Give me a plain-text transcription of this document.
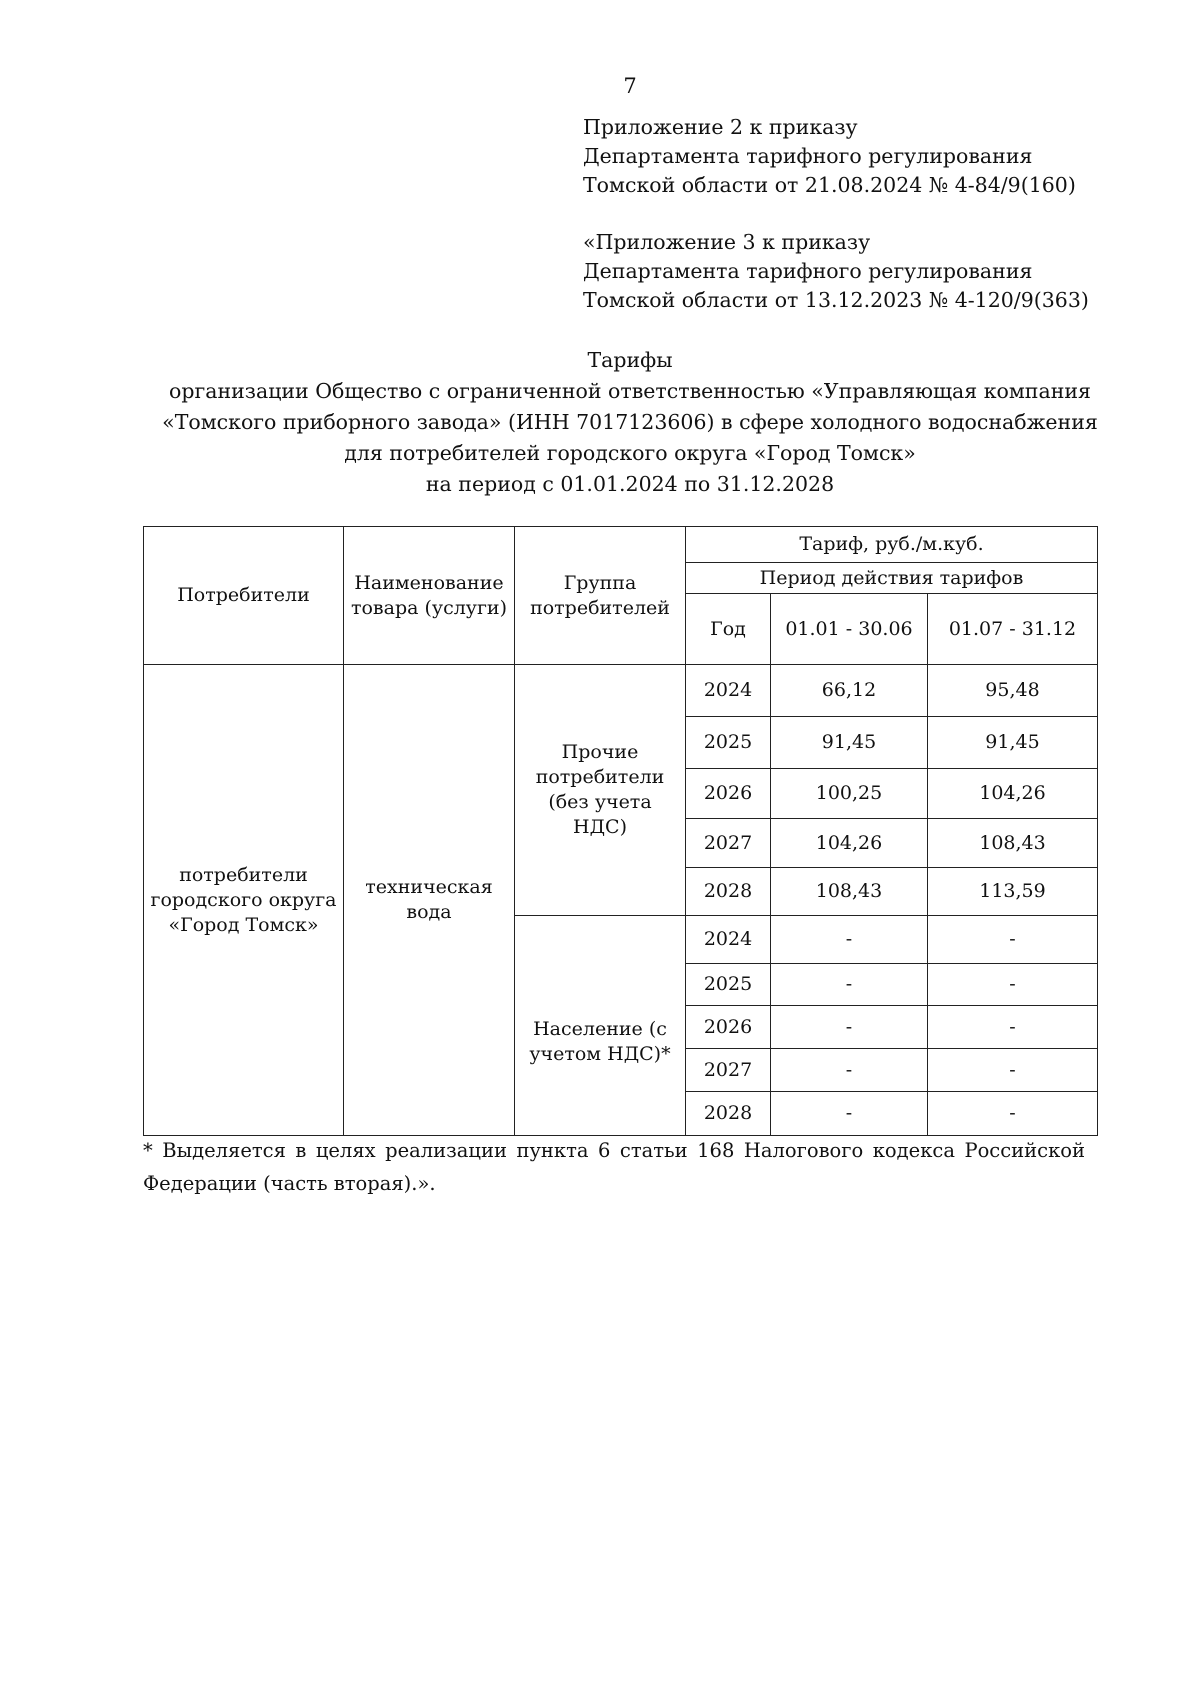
7
Приложение 2 к приказу
Департамента тарифного регулирования
Томской области от 21.08.2024 № 4-84/9(160)
«Приложение 3 к приказу
Департамента тарифного регулирования
Томской области от 13.12.2023 № 4-120/9(363)
Тарифы
организации Общество с ограниченной ответственностью «Управляющая компания
«Томского приборного завода» (ИНН 7017123606) в сфере холодного водоснабжения
для потребителей городского округа «Город Томск»
на период с 01.01.2024 по 31.12.2028
Потребители	Наименование товара (услуги)	Группа потребителей	Тариф, руб./м.куб.		
			Период действия тарифов		
			Год	01.01 - 30.06	01.07 - 31.12
потребители городского округа «Город Томск»	техническая вода	Прочие потребители (без учета НДС)	2024	66,12	95,48
			2025	91,45	91,45
			2026	100,25	104,26
			2027	104,26	108,43
			2028	108,43	113,59
		Население (с учетом НДС)*	2024	-	-
			2025	-	-
			2026	-	-
			2027	-	-
			2028	-	-
* Выделяется в целях реализации пункта 6 статьи 168 Налогового кодекса Российской Федерации (часть вторая).».
